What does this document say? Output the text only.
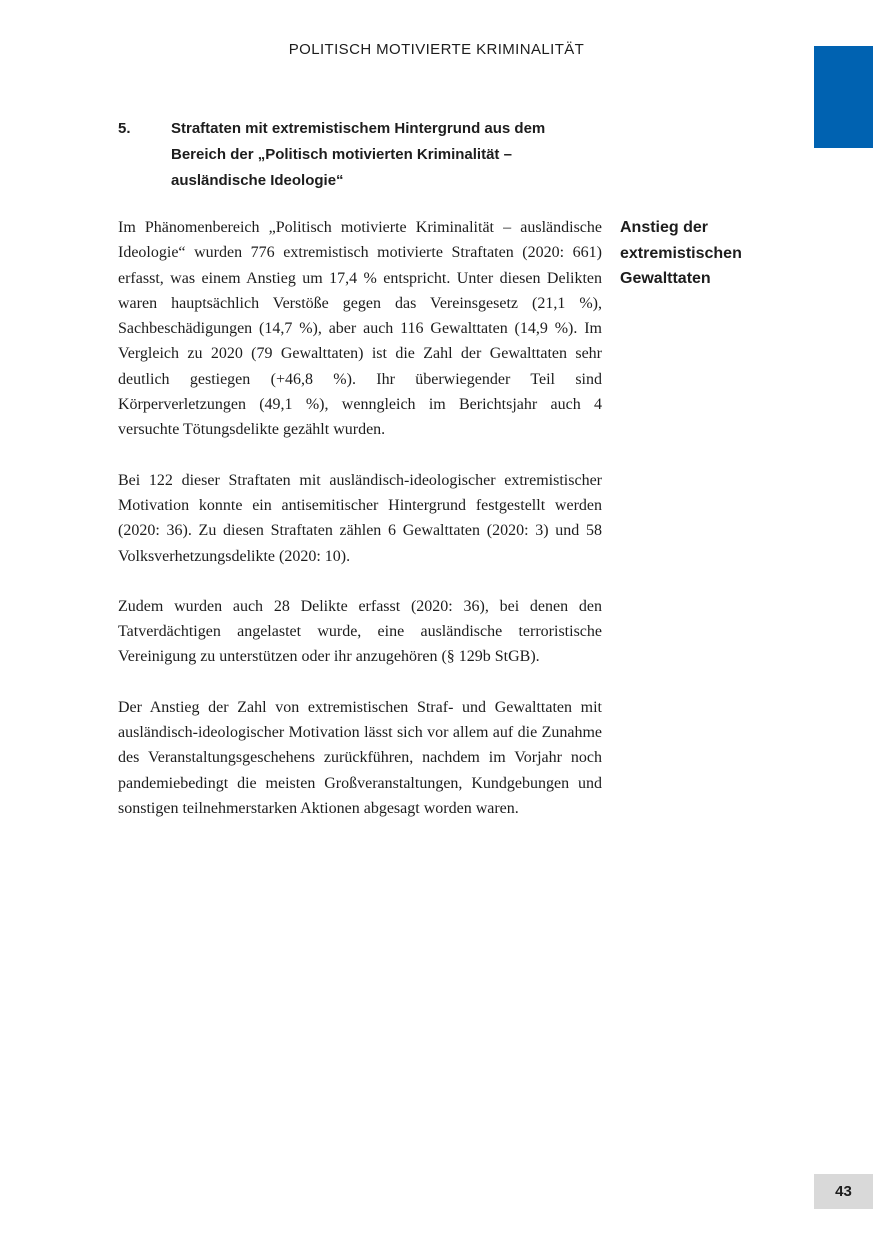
POLITISCH MOTIVIERTE KRIMINALITÄT
5.	Straftaten mit extremistischem Hintergrund aus dem
Bereich der „Politisch motivierten Kriminalität –
ausländische Ideologie“

Im Phänomenbereich „Politisch motivierte Kriminalität – ausländische Ideologie“ wurden 776 extremistisch motivierte Straftaten (2020: 661) erfasst, was einem Anstieg um 17,4 % entspricht. Unter diesen Delikten waren hauptsächlich Verstöße gegen das Vereinsgesetz (21,1 %), Sachbeschädigungen (14,7 %), aber auch 116 Gewalttaten (14,9 %). Im Vergleich zu 2020 (79 Gewalttaten) ist die Zahl der Gewalttaten sehr deutlich gestiegen (+46,8 %). Ihr überwiegender Teil sind Körperverletzungen (49,1 %), wenngleich im Berichtsjahr auch 4 versuchte Tötungsdelikte gezählt wurden.

Bei 122 dieser Straftaten mit ausländisch-ideologischer extremistischer Motivation konnte ein antisemitischer Hintergrund festgestellt werden (2020: 36). Zu diesen Straftaten zählen 6 Gewalttaten (2020: 3) und 58 Volksverhetzungsdelikte (2020: 10).

Zudem wurden auch 28 Delikte erfasst (2020: 36), bei denen den Tatverdächtigen angelastet wurde, eine ausländische terroristische Vereinigung zu unterstützen oder ihr anzugehören (§ 129b StGB).

Der Anstieg der Zahl von extremistischen Straf- und Gewalttaten mit ausländisch-ideologischer Motivation lässt sich vor allem auf die Zunahme des Veranstaltungsgeschehens zurückführen, nachdem im Vorjahr noch pandemiebedingt die meisten Großveranstaltungen, Kundgebungen und sonstigen teilnehmerstarken Aktionen abgesagt worden waren.

Anstieg der
extremistischen
Gewalttaten
43
